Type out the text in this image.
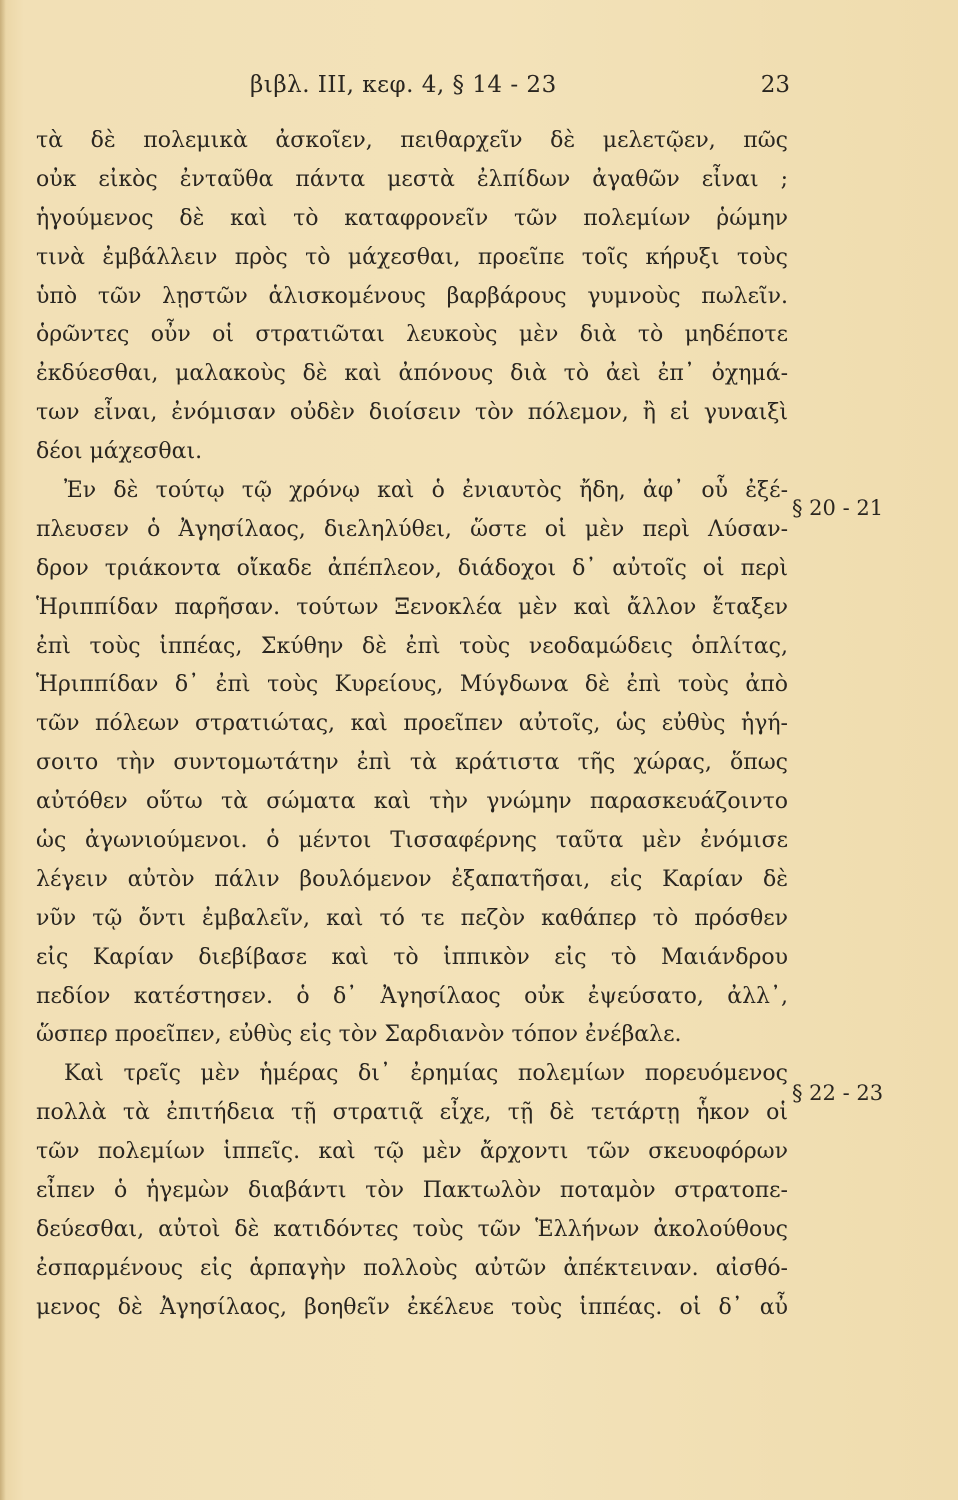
βιβλ. III, κεφ. 4, § 14 - 23	23
§ 20 - 21
§ 22 - 23
τὰ δὲ πολεμικὰ ἀσκοῖεν, πειθαρχεῖν δὲ μελετῷεν, πῶς
οὐκ εἰκὸς ἐνταῦθα πάντα μεστὰ ἐλπίδων ἀγαθῶν εἶναι ;
ἡγούμενος δὲ καὶ τὸ καταφρονεῖν τῶν πολεμίων ῥώμην
τινὰ ἐμβάλλειν πρὸς τὸ μάχεσθαι, προεῖπε τοῖς κήρυξι τοὺς
ὑπὸ τῶν λῃστῶν ἁλισκομένους βαρβάρους γυμνοὺς πωλεῖν.
ὁρῶντες οὖν οἱ στρατιῶται λευκοὺς μὲν διὰ τὸ μηδέποτε
ἐκδύεσθαι, μαλακοὺς δὲ καὶ ἀπόνους διὰ τὸ ἀεὶ ἐπ᾽ ὀχημά-
των εἶναι, ἐνόμισαν οὐδὲν διοίσειν τὸν πόλεμον, ἢ εἰ γυναιξὶ
δέοι μάχεσθαι.
Ἐν δὲ τούτῳ τῷ χρόνῳ καὶ ὁ ἐνιαυτὸς ἤδη, ἀφ᾽ οὗ ἐξέ-
πλευσεν ὁ Ἀγησίλαος, διεληλύθει, ὥστε οἱ μὲν περὶ Λύσαν-
δρον τριάκοντα οἴκαδε ἀπέπλεον, διάδοχοι δ᾽ αὐτοῖς οἱ περὶ
Ἡριππίδαν παρῆσαν. τούτων Ξενοκλέα μὲν καὶ ἄλλον ἔταξεν
ἐπὶ τοὺς ἱππέας, Σκύθην δὲ ἐπὶ τοὺς νεοδαμώδεις ὁπλίτας,
Ἡριππίδαν δ᾽ ἐπὶ τοὺς Κυρείους, Μύγδωνα δὲ ἐπὶ τοὺς ἀπὸ
τῶν πόλεων στρατιώτας, καὶ προεῖπεν αὐτοῖς, ὡς εὐθὺς ἡγή-
σοιτο τὴν συντομωτάτην ἐπὶ τὰ κράτιστα τῆς χώρας, ὅπως
αὐτόθεν οὕτω τὰ σώματα καὶ τὴν γνώμην παρασκευάζοιντο
ὡς ἀγωνιούμενοι. ὁ μέντοι Τισσαφέρνης ταῦτα μὲν ἐνόμισε
λέγειν αὐτὸν πάλιν βουλόμενον ἐξαπατῆσαι, εἰς Καρίαν δὲ
νῦν τῷ ὄντι ἐμβαλεῖν, καὶ τό τε πεζὸν καθάπερ τὸ πρόσθεν
εἰς Καρίαν διεβίβασε καὶ τὸ ἱππικὸν εἰς τὸ Μαιάνδρου
πεδίον κατέστησεν. ὁ δ᾽ Ἀγησίλαος οὐκ ἐψεύσατο, ἀλλ᾽,
ὥσπερ προεῖπεν, εὐθὺς εἰς τὸν Σαρδιανὸν τόπον ἐνέβαλε.
Καὶ τρεῖς μὲν ἡμέρας δι᾽ ἐρημίας πολεμίων πορευόμενος
πολλὰ τὰ ἐπιτήδεια τῇ στρατιᾷ εἶχε, τῇ δὲ τετάρτῃ ἧκον οἱ
τῶν πολεμίων ἱππεῖς. καὶ τῷ μὲν ἄρχοντι τῶν σκευοφόρων
εἶπεν ὁ ἡγεμὼν διαβάντι τὸν Πακτωλὸν ποταμὸν στρατοπε-
δεύεσθαι, αὐτοὶ δὲ κατιδόντες τοὺς τῶν Ἑλλήνων ἀκολούθους
ἐσπαρμένους εἰς ἁρπαγὴν πολλοὺς αὐτῶν ἀπέκτειναν. αἰσθό-
μενος δὲ Ἀγησίλαος, βοηθεῖν ἐκέλευε τοὺς ἱππέας. οἱ δ᾽ αὖ
